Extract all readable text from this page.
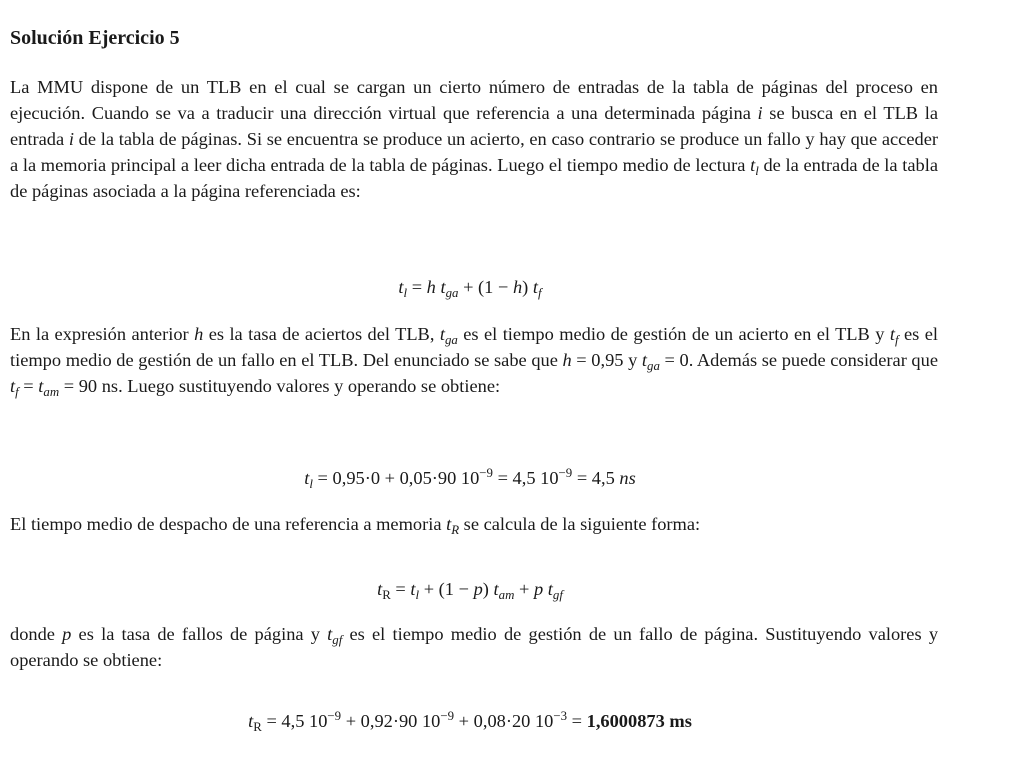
Solución Ejercicio 5

La MMU dispone de un TLB en el cual se cargan un cierto número de entradas de la tabla de páginas del proceso en ejecución. Cuando se va a traducir una dirección virtual que referencia a una determinada página i se busca en el TLB la entrada i de la tabla de páginas. Si se encuentra se produce un acierto, en caso contrario se produce un fallo y hay que acceder a la memoria principal a leer dicha entrada de la tabla de páginas. Luego el tiempo medio de lectura $t_l$ de la entrada de la tabla de páginas asociada a la página referenciada es:

$t_l = h$ $t_{ga} + (1 - h)$ $t_f$

En la expresión anterior h es la tasa de aciertos del TLB, $t_{ga}$ es el tiempo medio de gestión de un acierto en el TLB y $t_f$ es el tiempo medio de gestión de un fallo en el TLB. Del enunciado se sabe que h = 0,95 y $t_{ga} = 0$. Además se puede considerar que $t_f = t_{am} = 90$ ns. Luego sustituyendo valores y operando se obtiene:

$t_l = 0,95\cdot 0 + 0,05\cdot 90$ $10^{-9} = 4,5$ $10^{-9} = 4,5$ ns

El tiempo medio de despacho de una referencia a memoria $t_R$ se calcula de la siguiente forma:

$t_R = t_l + (1 - p) t_{am} + p$ $t_{gf}$

donde p es la tasa de fallos de página y $t_{gf}$ es el tiempo medio de gestión de un fallo de página. Sustituyendo valores y operando se obtiene:

$t_R = 4,5$ $10^{-9} + 0,92\cdot 90$ $10^{-9} + 0,08\cdot 20$ $10^{-3} = 1,6000873$ ms
